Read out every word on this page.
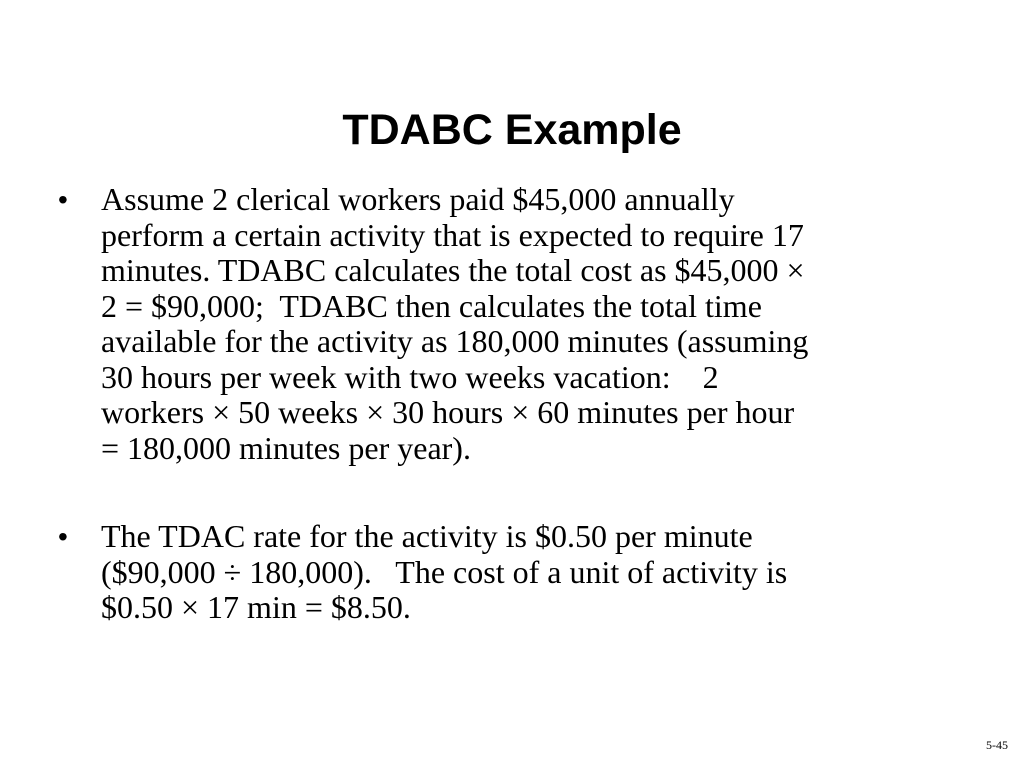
TDABC Example
• Assume 2 clerical workers paid $45,000 annually
perform a certain activity that is expected to require 17
minutes. TDABC calculates the total cost as $45,000 ×
2 = $90,000;  TDABC then calculates the total time
available for the activity as 180,000 minutes (assuming
30 hours per week with two weeks vacation:    2
workers × 50 weeks × 30 hours × 60 minutes per hour
= 180,000 minutes per year).
• The TDAC rate for the activity is $0.50 per minute
($90,000 ÷ 180,000).   The cost of a unit of activity is
$0.50 × 17 min = $8.50.
5-45
